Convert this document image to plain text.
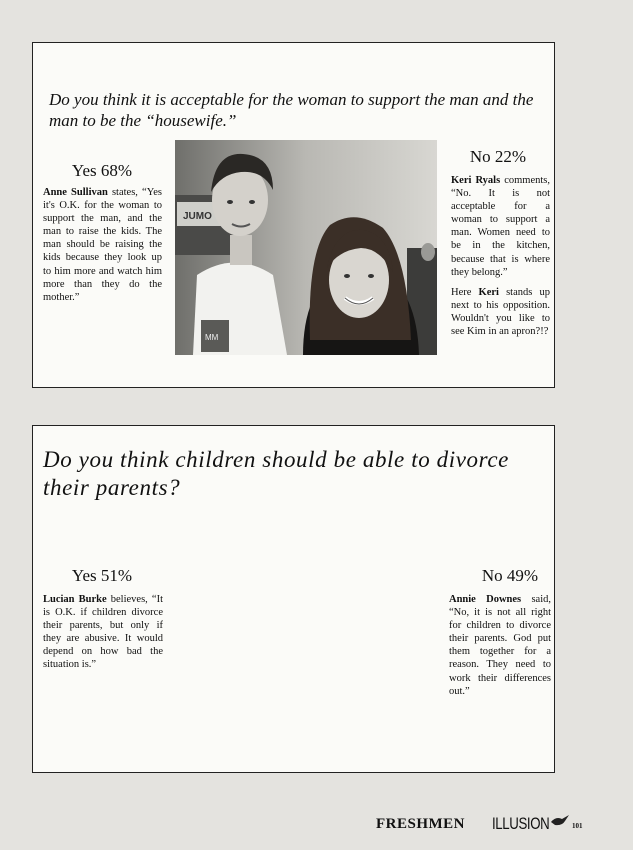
Do you think it is acceptable for the woman to support the man and the man to be the “housewife.”
Yes 68%

Anne Sullivan states, “Yes it's O.K. for the woman to support the man, and the man to raise the kids. The man should be raising the kids because they look up to him more and watch him more than they do the mother.”

JUMO
MM
No 22%

Keri Ryals comments, “No. It is not acceptable for a woman to support a man. Women need to be in the kitchen, because that is where they belong.”

Here Keri stands up next to his opposition. Wouldn't you like to see Kim in an apron?!?

Do you think children should be able to divorce their parents?
Yes 51%

Lucian Burke believes, “It is O.K. if children divorce their parents, but only if they are abusive. It would depend on how bad the situation is.”

No 49%

Annie Downes said, “No, it is not all right for children to divorce their parents. God put them together for a reason. They need to work their differences out.”

FRESHMEN ILLUSION	101
